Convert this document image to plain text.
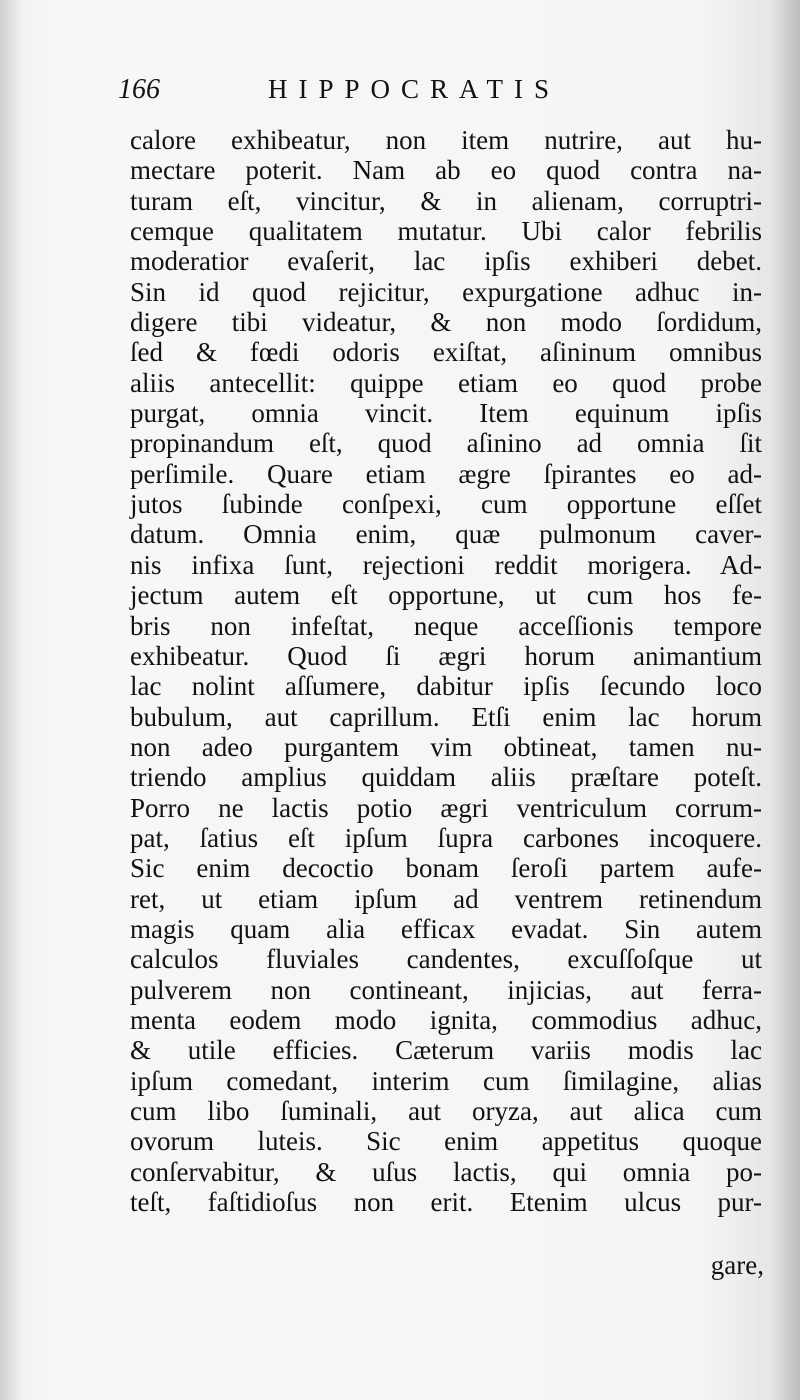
166	HIPPOCRATIS
calore exhibeatur, non item nutrire, aut hu-
mectare poterit. Nam ab eo quod contra na-
turam eſt, vincitur, & in alienam, corruptri-
cemque qualitatem mutatur. Ubi calor febrilis
moderatior evaſerit, lac ipſis exhiberi debet.
Sin id quod rejicitur, expurgatione adhuc in-
digere tibi videatur, & non modo ſordidum,
ſed & fœdi odoris exiſtat, aſininum omnibus
aliis antecellit: quippe etiam eo quod probe
purgat, omnia vincit. Item equinum ipſis
propinandum eſt, quod aſinino ad omnia ſit
perſimile. Quare etiam ægre ſpirantes eo ad-
jutos ſubinde conſpexi, cum opportune eſſet
datum. Omnia enim, quæ pulmonum caver-
nis infixa ſunt, rejectioni reddit morigera. Ad-
jectum autem eſt opportune, ut cum hos fe-
bris non infeſtat, neque acceſſionis tempore
exhibeatur. Quod ſi ægri horum animantium
lac nolint aſſumere, dabitur ipſis ſecundo loco
bubulum, aut caprillum. Etſi enim lac horum
non adeo purgantem vim obtineat, tamen nu-
triendo amplius quiddam aliis præſtare poteſt.
Porro ne lactis potio ægri ventriculum corrum-
pat, ſatius eſt ipſum ſupra carbones incoquere.
Sic enim decoctio bonam ſeroſi partem aufe-
ret, ut etiam ipſum ad ventrem retinendum
magis quam alia efficax evadat. Sin autem
calculos fluviales candentes, excuſſoſque ut
pulverem non contineant, injicias, aut ferra-
menta eodem modo ignita, commodius adhuc,
& utile efficies. Cæterum variis modis lac
ipſum comedant, interim cum ſimilagine, alias
cum libo ſuminali, aut oryza, aut alica cum
ovorum luteis. Sic enim appetitus quoque
conſervabitur, & uſus lactis, qui omnia po-
teſt, faſtidioſus non erit. Etenim ulcus pur-
gare,
